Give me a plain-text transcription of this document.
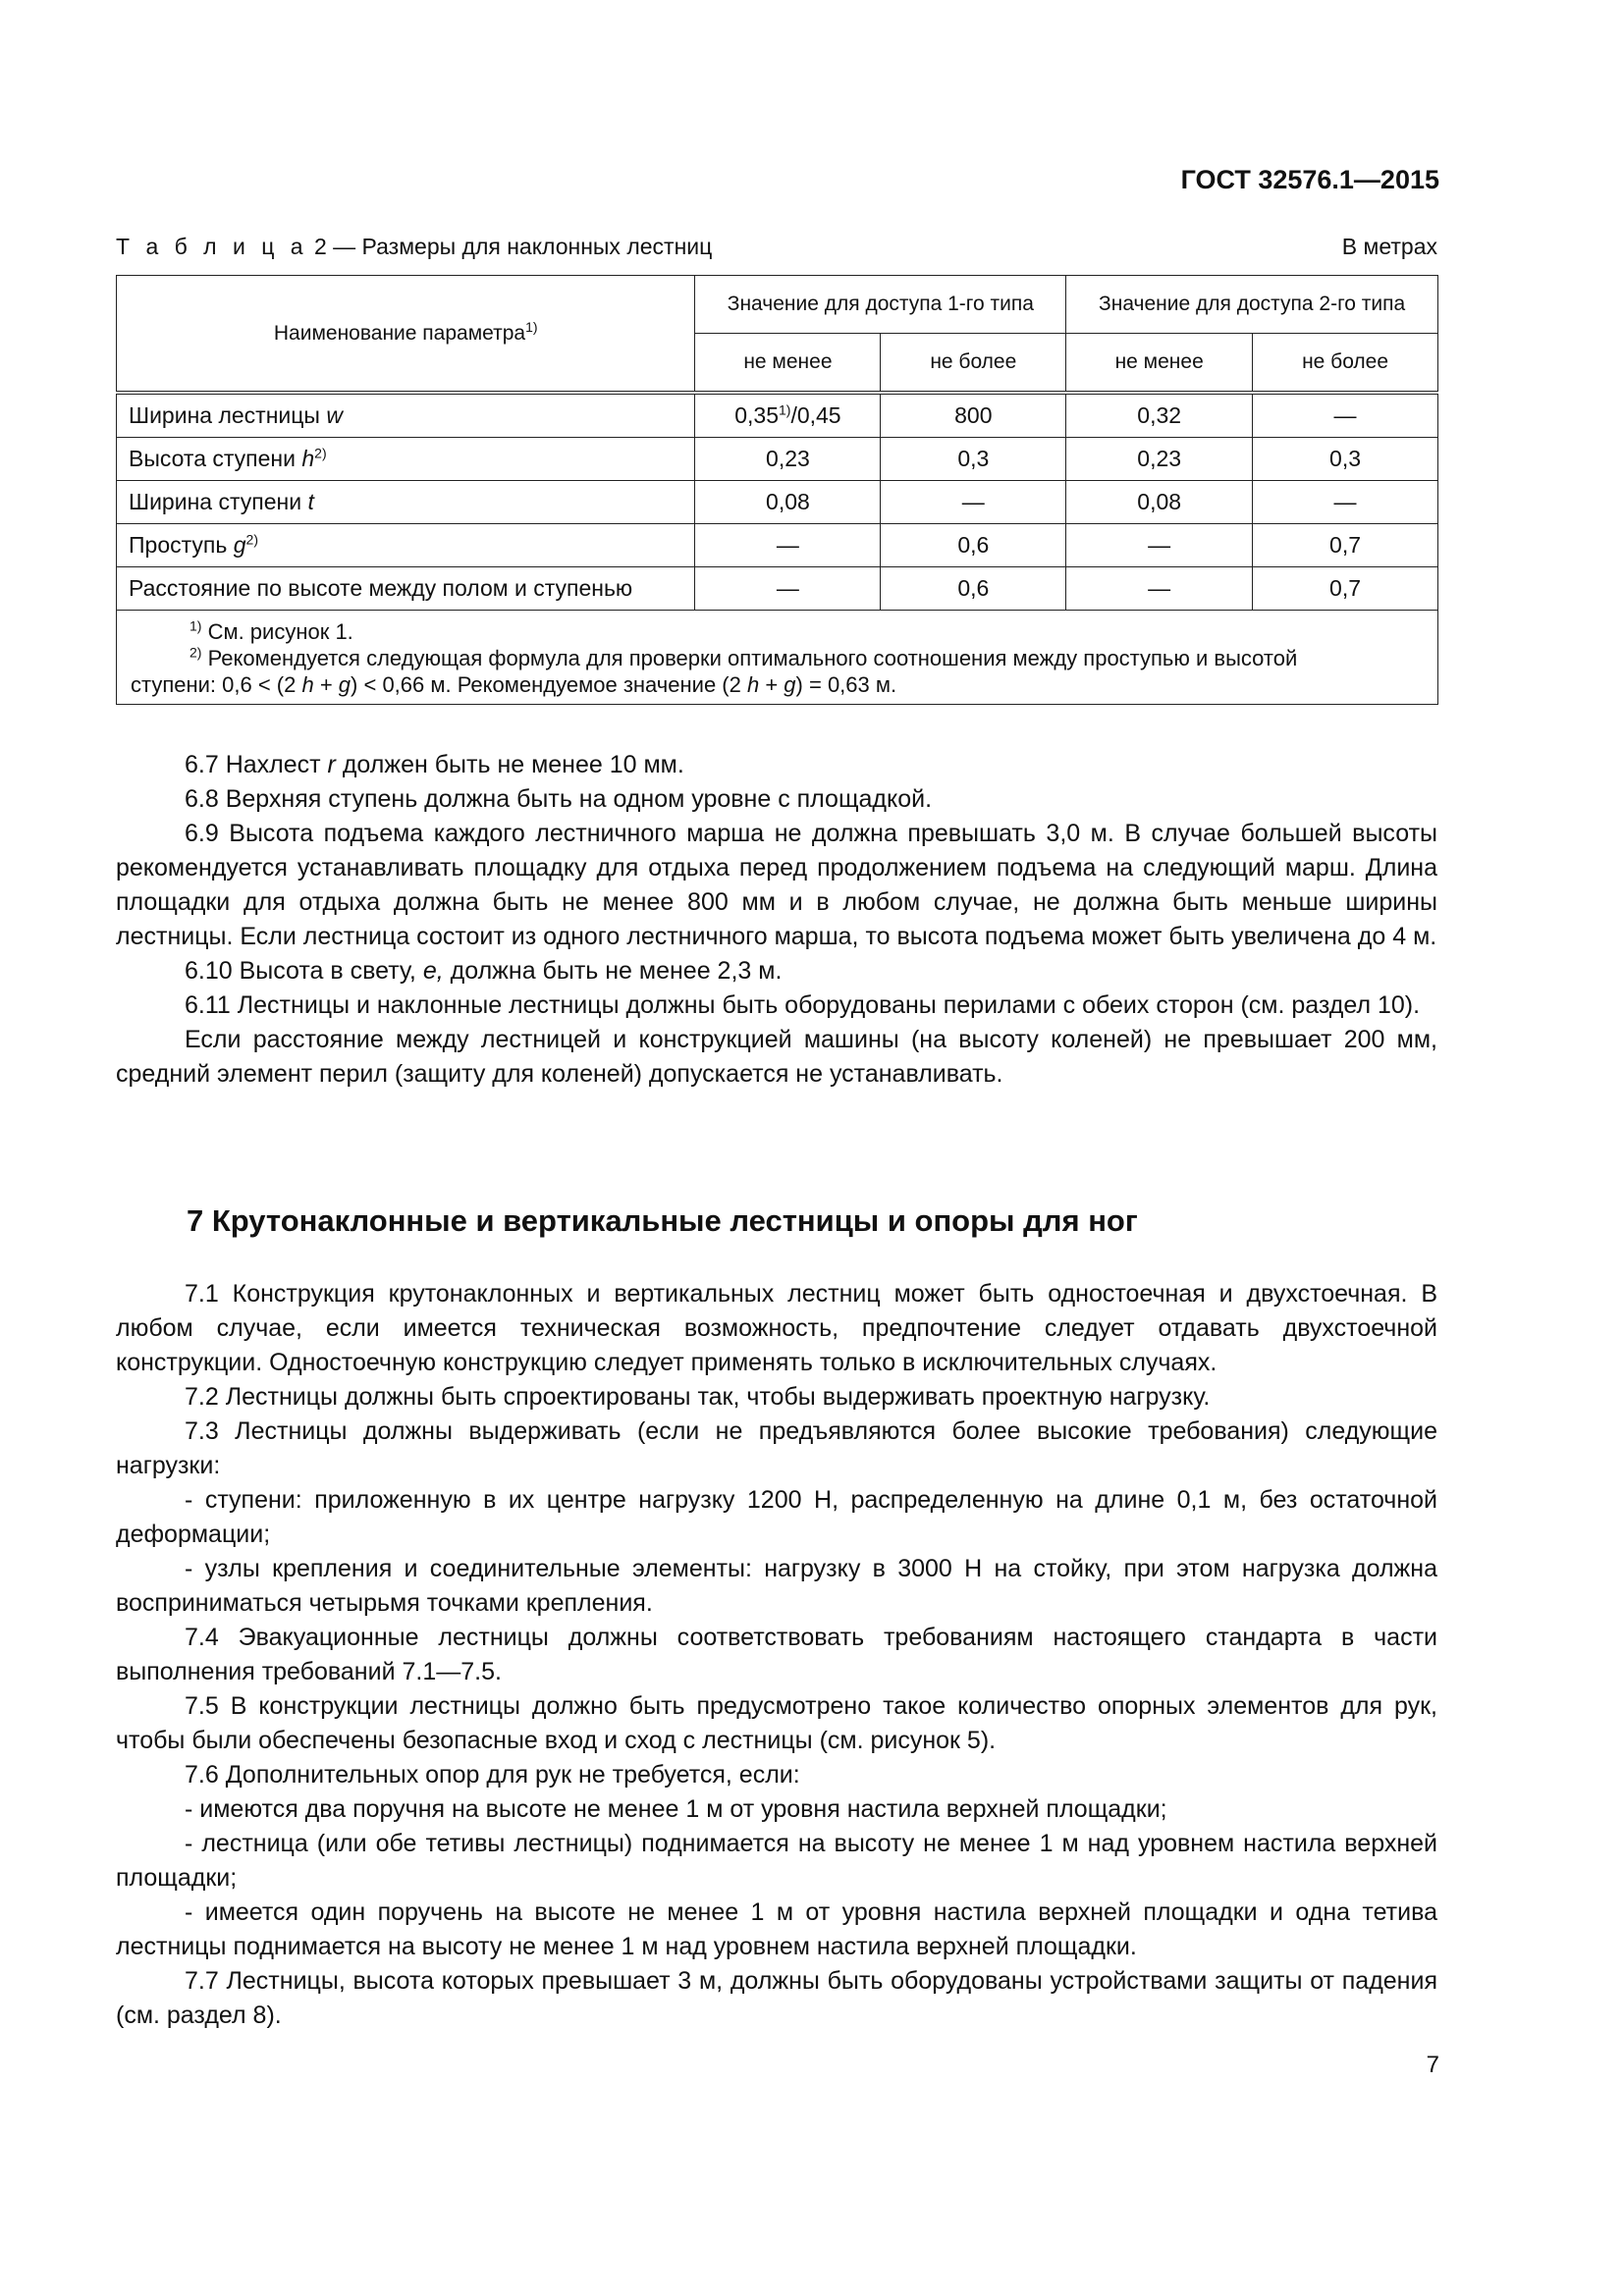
ГОСТ 32576.1—2015
Т а б л и ц а 2 — Размеры для наклонных лестниц	В метрах
Наименование параметра$^{1)}$	Значение для доступа 1-го типа		Значение для доступа 2-го типа	
	не менее	не более	не менее	не более
Ширина лестницы w	0,35$^{1)}$/0,45	800	0,32	—
Высота ступени $h^{2)}$	0,23	0,3	0,23	0,3
Ширина ступени t	0,08	—	0,08	—
Проступь $g^{2)}$	—	0,6	—	0,7
Расстояние по высоте между полом и ступенью	—	0,6	—	0,7

$^{1)}$ См. рисунок 1.
$^{2)}$ Рекомендуется следующая формула для проверки оптимального соотношения между проступью и высотой
ступени: 0,6 < (2 h + g) < 0,66 м. Рекомендуемое значение (2 h + g) = 0,63 м.				

6.7 Нахлест r должен быть не менее 10 мм.

6.8 Верхняя ступень должна быть на одном уровне с площадкой.

6.9 Высота подъема каждого лестничного марша не должна превышать 3,0 м. В случае большей высоты рекомендуется устанавливать площадку для отдыха перед продолжением подъема на следующий марш. Длина площадки для отдыха должна быть не менее 800 мм и в любом случае, не должна быть меньше ширины лестницы. Если лестница состоит из одного лестничного марша, то высота подъема может быть увеличена до 4 м.

6.10 Высота в свету, e, должна быть не менее 2,3 м.

6.11 Лестницы и наклонные лестницы должны быть оборудованы перилами с обеих сторон (см. раздел 10).

Если расстояние между лестницей и конструкцией машины (на высоту коленей) не превышает 200 мм, средний элемент перил (защиту для коленей) допускается не устанавливать.

7 Крутонаклонные и вертикальные лестницы и опоры для ног

7.1 Конструкция крутонаклонных и вертикальных лестниц может быть одностоечная и двухстоечная. В любом случае, если имеется техническая возможность, предпочтение следует отдавать двухстоечной конструкции. Одностоечную конструкцию следует применять только в исключительных случаях.

7.2 Лестницы должны быть спроектированы так, чтобы выдерживать проектную нагрузку.

7.3 Лестницы должны выдерживать (если не предъявляются более высокие требования) следующие нагрузки:

- ступени: приложенную в их центре нагрузку 1200 Н, распределенную на длине 0,1 м, без остаточной деформации;

- узлы крепления и соединительные элементы: нагрузку в 3000 Н на стойку, при этом нагрузка должна восприниматься четырьмя точками крепления.

7.4 Эвакуационные лестницы должны соответствовать требованиям настоящего стандарта в части выполнения требований 7.1—7.5.

7.5 В конструкции лестницы должно быть предусмотрено такое количество опорных элементов для рук, чтобы были обеспечены безопасные вход и сход с лестницы (см. рисунок 5).

7.6 Дополнительных опор для рук не требуется, если:

- имеются два поручня на высоте не менее 1 м от уровня настила верхней площадки;

- лестница (или обе тетивы лестницы) поднимается на высоту не менее 1 м над уровнем настила верхней площадки;

- имеется один поручень на высоте не менее 1 м от уровня настила верхней площадки и одна тетива лестницы поднимается на высоту не менее 1 м над уровнем настила верхней площадки.

7.7 Лестницы, высота которых превышает 3 м, должны быть оборудованы устройствами защиты от падения (см. раздел 8).

7
